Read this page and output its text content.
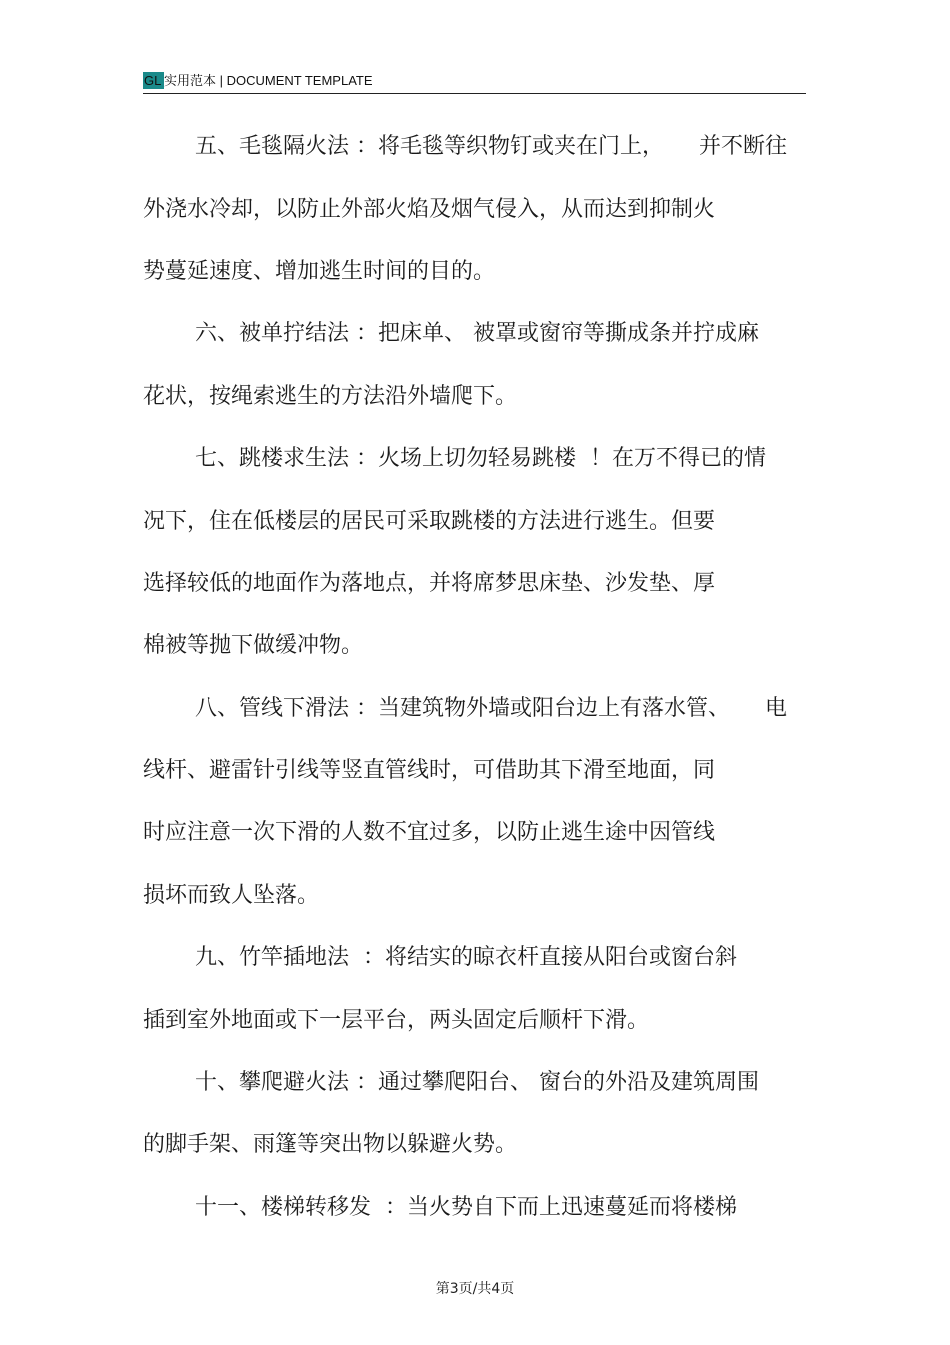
GL 实用范本 | DOCUMENT TEMPLATE
五、毛毯隔火法 ：将毛毯等织物钉或夹在门上，     并不断往
外浇水冷却，以防止外部火焰及烟气侵入，从而达到抑制火
势蔓延速度、增加逃生时间的目的。
六、被单拧结法 ：把床单、 被罩或窗帘等撕成条并拧成麻
花状，按绳索逃生的方法沿外墙爬下。
七、跳楼求生法 ：火场上切勿轻易跳楼  ！在万不得已的情
况下，住在低楼层的居民可采取跳楼的方法进行逃生。但要
选择较低的地面作为落地点，并将席梦思床垫、沙发垫、厚
棉被等抛下做缓冲物。
八、管线下滑法 ：当建筑物外墙或阳台边上有落水管、     电
线杆、避雷针引线等竖直管线时，可借助其下滑至地面，同
时应注意一次下滑的人数不宜过多，以防止逃生途中因管线
损坏而致人坠落。
九、竹竿插地法  ：将结实的晾衣杆直接从阳台或窗台斜
插到室外地面或下一层平台，两头固定后顺杆下滑。
十、攀爬避火法 ：通过攀爬阳台、 窗台的外沿及建筑周围
的脚手架、雨篷等突出物以躲避火势。
十一、楼梯转移发  ：当火势自下而上迅速蔓延而将楼梯
第3页/共4页
